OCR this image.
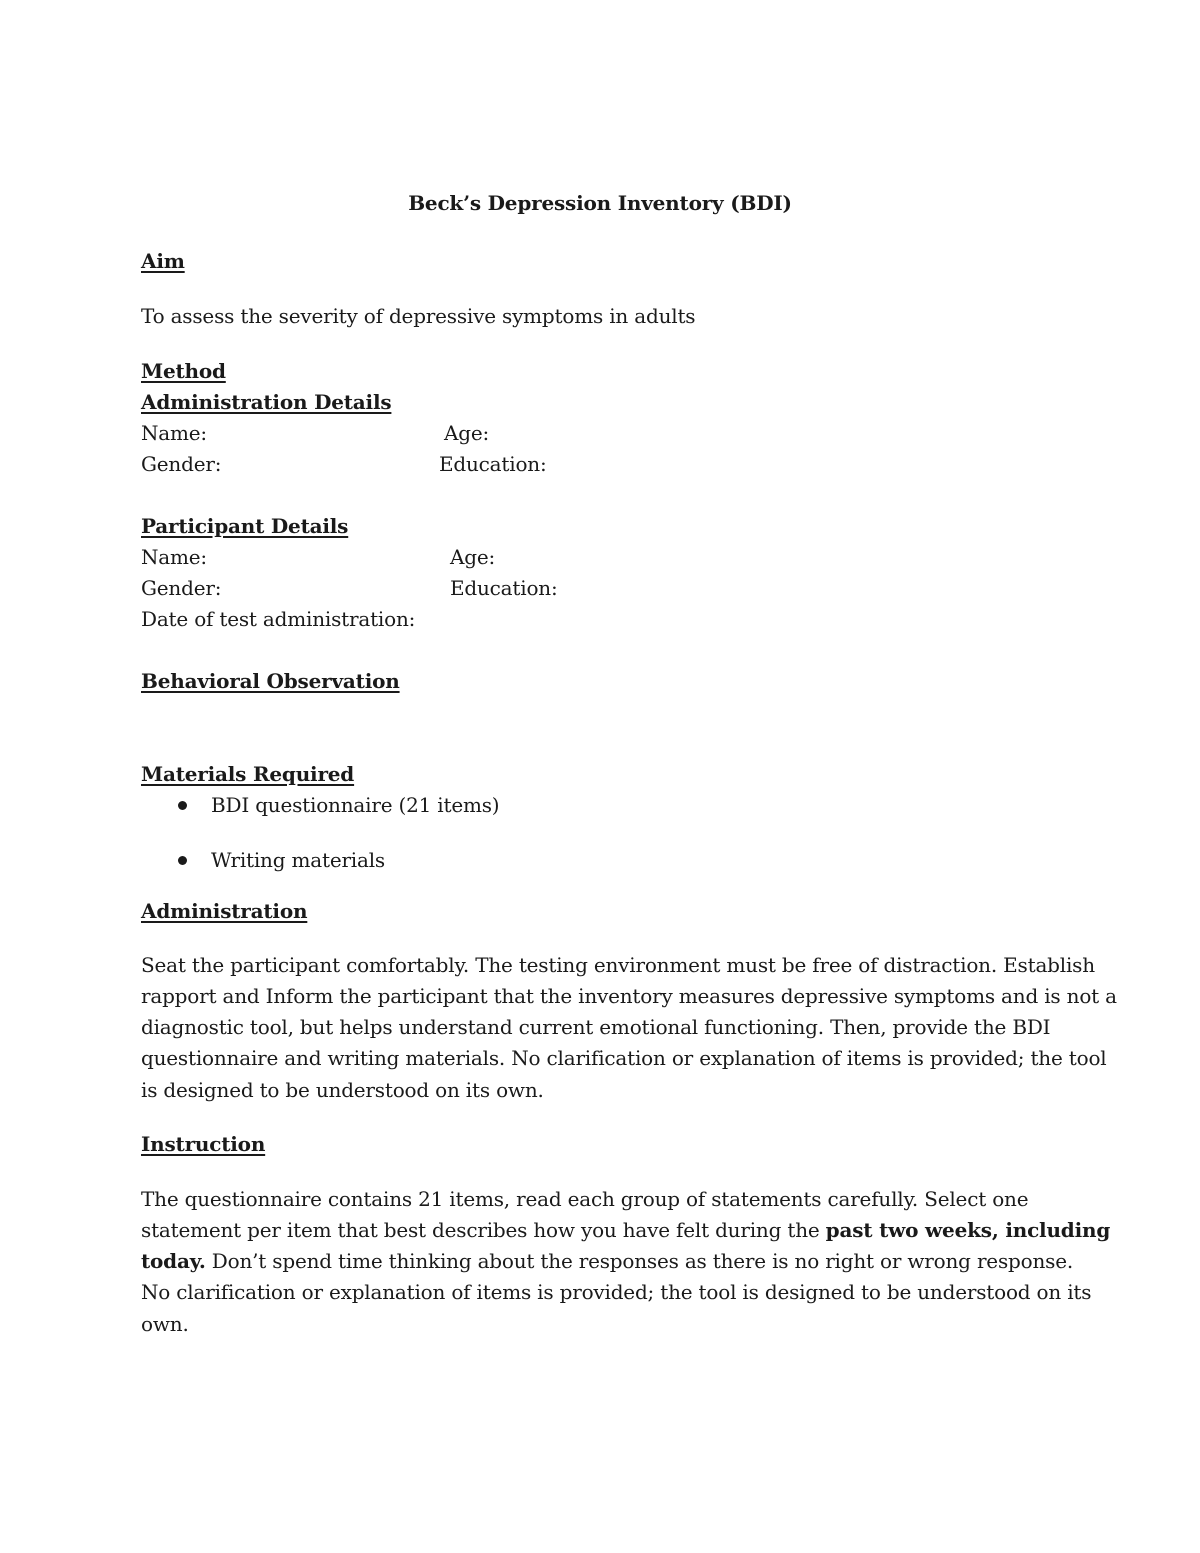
Beck’s Depression Inventory (BDI)
Aim
To assess the severity of depressive symptoms in adults
Method
Administration Details
Name:	Age:
Gender:	Education:
Participant Details
Name:	Age:
Gender:	Education:
Date of test administration:
Behavioral Observation
Materials Required
BDI questionnaire (21 items)
Writing materials
Administration
Seat the participant comfortably. The testing environment must be free of distraction. Establish
rapport and Inform the participant that the inventory measures depressive symptoms and is not a
diagnostic tool, but helps understand current emotional functioning. Then, provide the BDI
questionnaire and writing materials. No clarification or explanation of items is provided; the tool
is designed to be understood on its own.
Instruction
The questionnaire contains 21 items, read each group of statements carefully. Select one
statement per item that best describes how you have felt during the past two weeks, including
today. Don’t spend time thinking about the responses as there is no right or wrong response.
No clarification or explanation of items is provided; the tool is designed to be understood on its
own.
